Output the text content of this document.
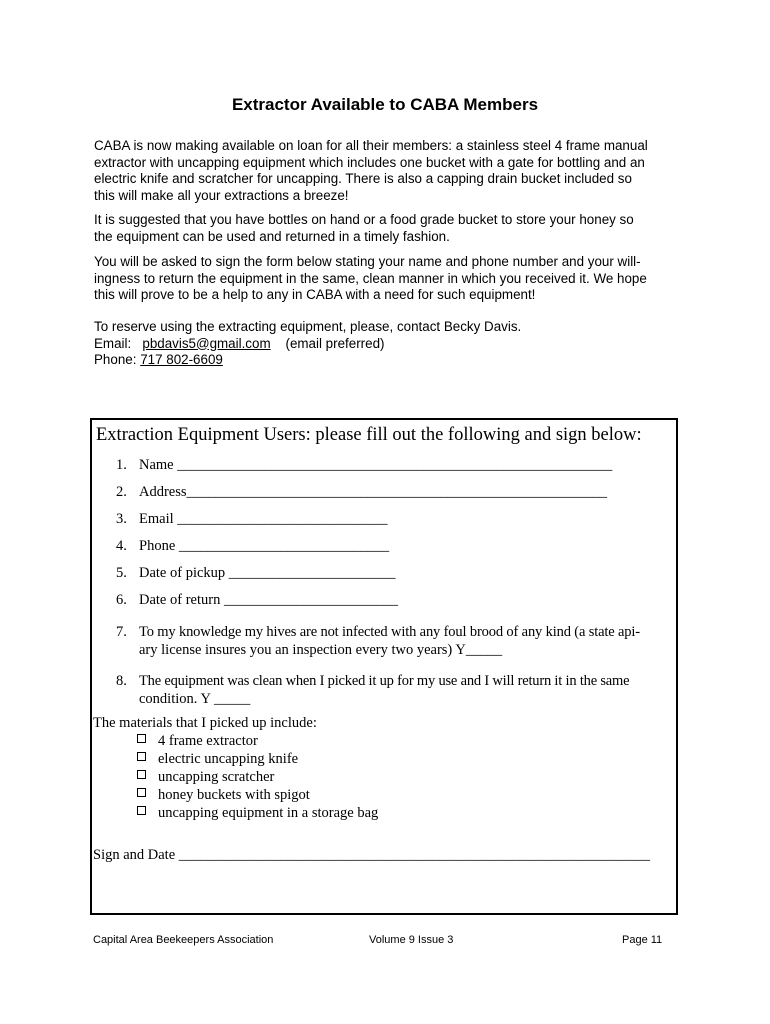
Extractor Available to CABA Members
CABA is now making available on loan for all their members: a stainless steel 4 frame manual
extractor with uncapping equipment which includes one bucket with a gate for bottling and an
electric knife and scratcher for uncapping. There is also a capping drain bucket included so
this will make all your extractions a breeze!
It is suggested that you have bottles on hand or a food grade bucket to store your honey so
the equipment can be used and returned in a timely fashion.
You will be asked to sign the form below stating your name and phone number and your will-
ingness to return the equipment in the same, clean manner in which you received it. We hope
this will prove to be a help to any in CABA with a need for such equipment!
To reserve using the extracting equipment, please, contact Becky Davis.
Email: pbdavis5@gmail.com (email preferred)
Phone: 717 802-6609
Extraction Equipment Users: please fill out the following and sign below:
1. Name ____________________________________________________________
2. Address__________________________________________________________
3. Email _____________________________
4. Phone _____________________________
5. Date of pickup _______________________
6. Date of return ________________________
7. To my knowledge my hives are not infected with any foul brood of any kind (a state api-
ary license insures you an inspection every two years) Y_____
8. The equipment was clean when I picked it up for my use and I will return it in the same
condition. Y _____
The materials that I picked up include:
4 frame extractor
electric uncapping knife
uncapping scratcher
honey buckets with spigot
uncapping equipment in a storage bag
Sign and Date _________________________________________________________________
Capital Area Beekeepers Association	Volume 9 Issue 3	Page 11
